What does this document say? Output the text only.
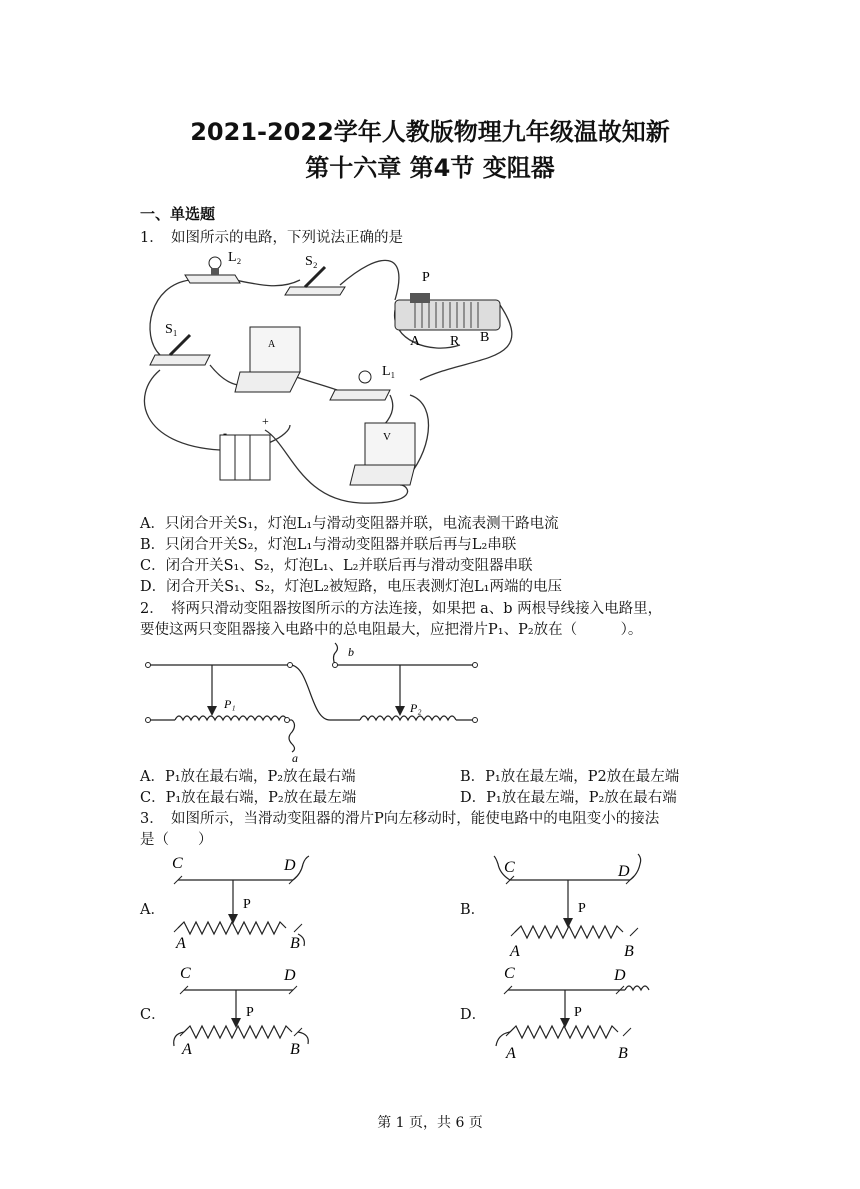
2021-2022学年人教版物理九年级温故知新
第十六章 第4节 变阻器
一、单选题
1．　如图所示的电路，下列说法正确的是
L₂	S₂
P
A R B
S₁
A
L₁
-
+
V
A．只闭合开关S₁，灯泡L₁与滑动变阻器并联，电流表测干路电流
B．只闭合开关S₂，灯泡L₁与滑动变阻器并联后再与L₂串联
C．闭合开关S₁、S₂，灯泡L₁、L₂并联后再与滑动变阻器串联
D．闭合开关S₁、S₂，灯泡L₂被短路，电压表测灯泡L₁两端的电压
2．　将两只滑动变阻器按图所示的方法连接，如果把 a、b 两根导线接入电路里，
要使这两只变阻器接入电路中的总电阻最大，应把滑片P₁、P₂放在（　　　）。
P₁	P₂
a
b
A．P₁放在最右端，P₂放在最右端	B．P₁放在最左端，P2放在最左端
C．P₁放在最右端，P₂放在最左端	D．P₁放在最左端，P₂放在最右端
3．　如图所示，当滑动变阻器的滑片P向左移动时，能使电路中的电阻变小的接法
是（　　）
A．
C	D
P
A	B
B．
C	D
P
A	B
C．
C	D
P
A	B
D．
C	D
P
A	B
第 1 页，共 6 页
